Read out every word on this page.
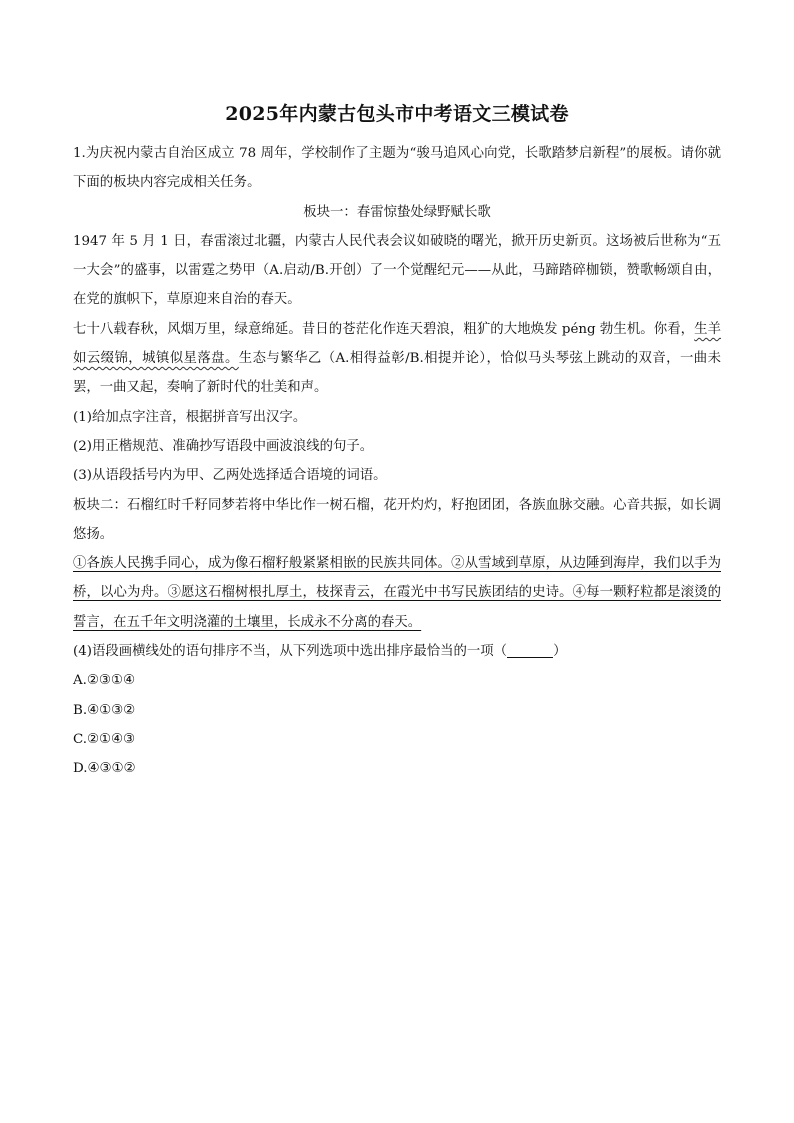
2025年内蒙古包头市中考语文三模试卷

1.为庆祝内蒙古自治区成立 78 周年，学校制作了主题为“骏马追风心向党，长歌踏梦启新程”的展板。请你就下面的板块内容完成相关任务。

板块一：春雷惊蛰处绿野赋长歌

1947 年 5 月 1 日，春雷滚过北疆，内蒙古人民代表会议如破晓的曙光，掀开历史新页。这场被后世称为“五一大会”的盛事，以雷霆之势甲（A.启动/B.开创）了一个觉醒纪元——从此，马蹄踏碎枷锁，赞歌畅颂自由，在党的旗帜下，草原迎来自治的春天。

七十八载春秋，风烟万里，绿意绵延。昔日的苍茫化作连天碧浪，粗犷的大地焕发 péng 勃生机。你看，生羊如云缀锦，城镇似星落盘。生态与繁华乙（A.相得益彰/B.相提并论），恰似马头琴弦上跳动的双音，一曲未罢，一曲又起，奏响了新时代的壮美和声。

(1)给加点字注音，根据拼音写出汉字。

(2)用正楷规范、准确抄写语段中画波浪线的句子。

(3)从语段括号内为甲、乙两处选择适合语境的词语。

板块二：石榴红时千籽同梦若将中华比作一树石榴，花开灼灼，籽抱团团，各族血脉交融。心音共振，如长调悠扬。

①各族人民携手同心，成为像石榴籽般紧紧相嵌的民族共同体。②从雪域到草原，从边陲到海岸，我们以手为桥，以心为舟。③愿这石榴树根扎厚土，枝探青云，在霞光中书写民族团结的史诗。④每一颗籽粒都是滚烫的誓言，在五千年文明浇灌的土壤里，长成永不分离的春天。

(4)语段画横线处的语句排序不当，从下列选项中选出排序最恰当的一项（	）

A.②③①④

B.④①③②

C.②①④③

D.④③①②
